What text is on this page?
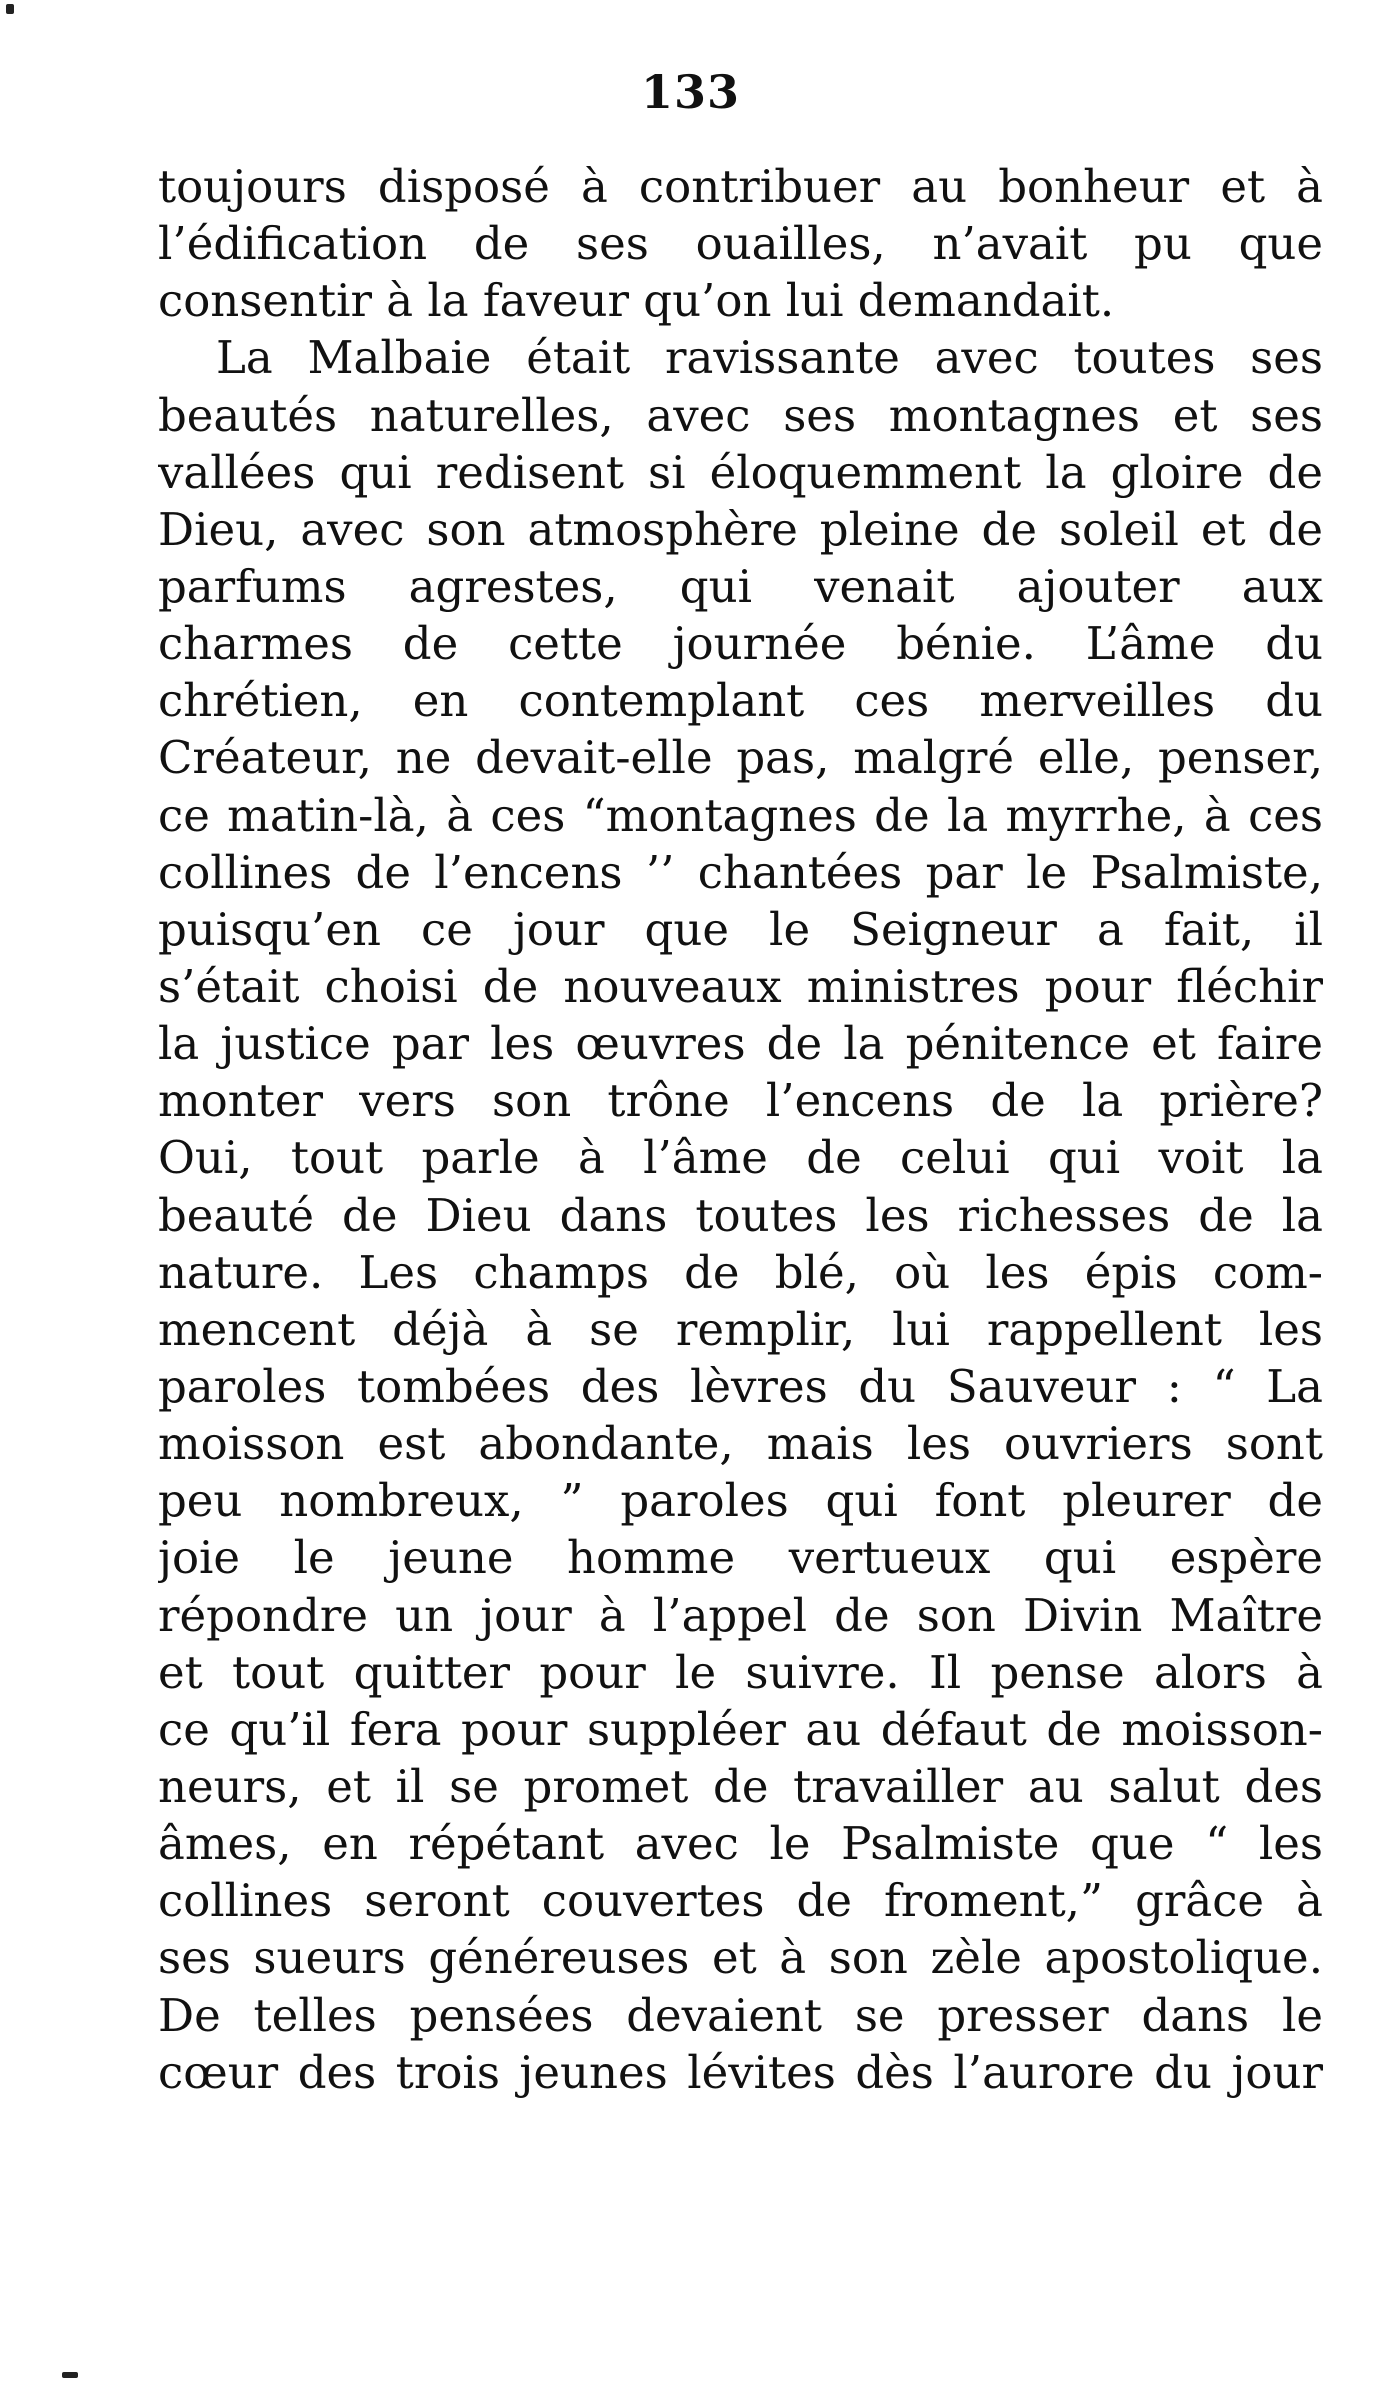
133
toujours disposé à contribuer au bonheur et à
l’édification de ses ouailles, n’avait pu que
consentir à la faveur qu’on lui demandait.
La Malbaie était ravissante avec toutes ses
beautés naturelles, avec ses montagnes et ses
vallées qui redisent si éloquemment la gloire de
Dieu, avec son atmosphère pleine de soleil et de
parfums agrestes, qui venait ajouter aux
charmes de cette journée bénie. L’âme du
chrétien, en contemplant ces merveilles du
Créateur, ne devait-elle pas, malgré elle, penser,
ce matin-là, à ces “montagnes de la myrrhe, à ces
collines de l’encens ’’ chantées par le Psalmiste,
puisqu’en ce jour que le Seigneur a fait, il
s’était choisi de nouveaux ministres pour fléchir
la justice par les œuvres de la pénitence et faire
monter vers son trône l’encens de la prière?
Oui, tout parle à l’âme de celui qui voit la
beauté de Dieu dans toutes les richesses de la
nature. Les champs de blé, où les épis com-
mencent déjà à se remplir, lui rappellent les
paroles tombées des lèvres du Sauveur : “ La
moisson est abondante, mais les ouvriers sont
peu nombreux, ” paroles qui font pleurer de
joie le jeune homme vertueux qui espère
répondre un jour à l’appel de son Divin Maître
et tout quitter pour le suivre. Il pense alors à
ce qu’il fera pour suppléer au défaut de moisson-
neurs, et il se promet de travailler au salut des
âmes, en répétant avec le Psalmiste que “ les
collines seront couvertes de froment,” grâce à
ses sueurs généreuses et à son zèle apostolique.
De telles pensées devaient se presser dans le
cœur des trois jeunes lévites dès l’aurore du jour
